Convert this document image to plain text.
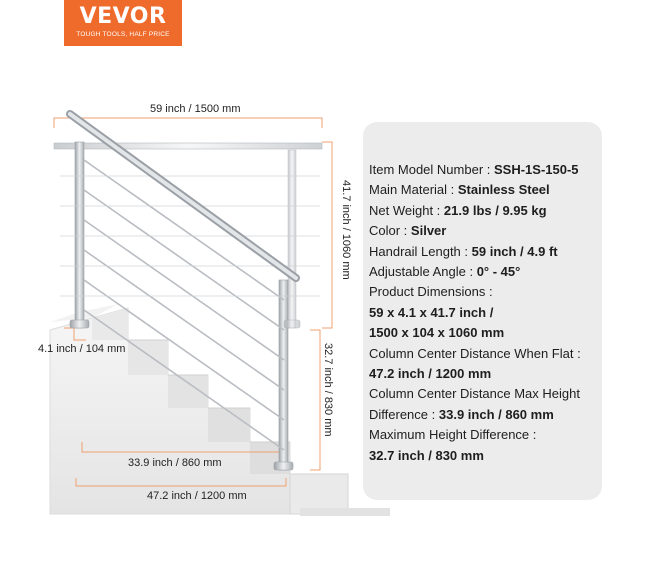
VEVOR
TOUGH TOOLS, HALF PRICE
59 inch / 1500 mm
41.7 inch / 1060 mm
4.1 inch / 104 mm	32.7 inch / 830 mm
33.9 inch / 860 mm
47.2 inch / 1200 mm
Item Model Number : SSH-1S-150-5
Main Material : Stainless Steel
Net Weight : 21.9 lbs / 9.95 kg
Color : Silver
Handrail Length : 59 inch / 4.9 ft
Adjustable Angle : 0° - 45°
Product Dimensions :
59 x 4.1 x 41.7 inch /
1500 x 104 x 1060 mm
Column Center Distance When Flat :
47.2 inch / 1200 mm
Column Center Distance Max Height
Difference : 33.9 inch / 860 mm
Maximum Height Difference :
32.7 inch / 830 mm
